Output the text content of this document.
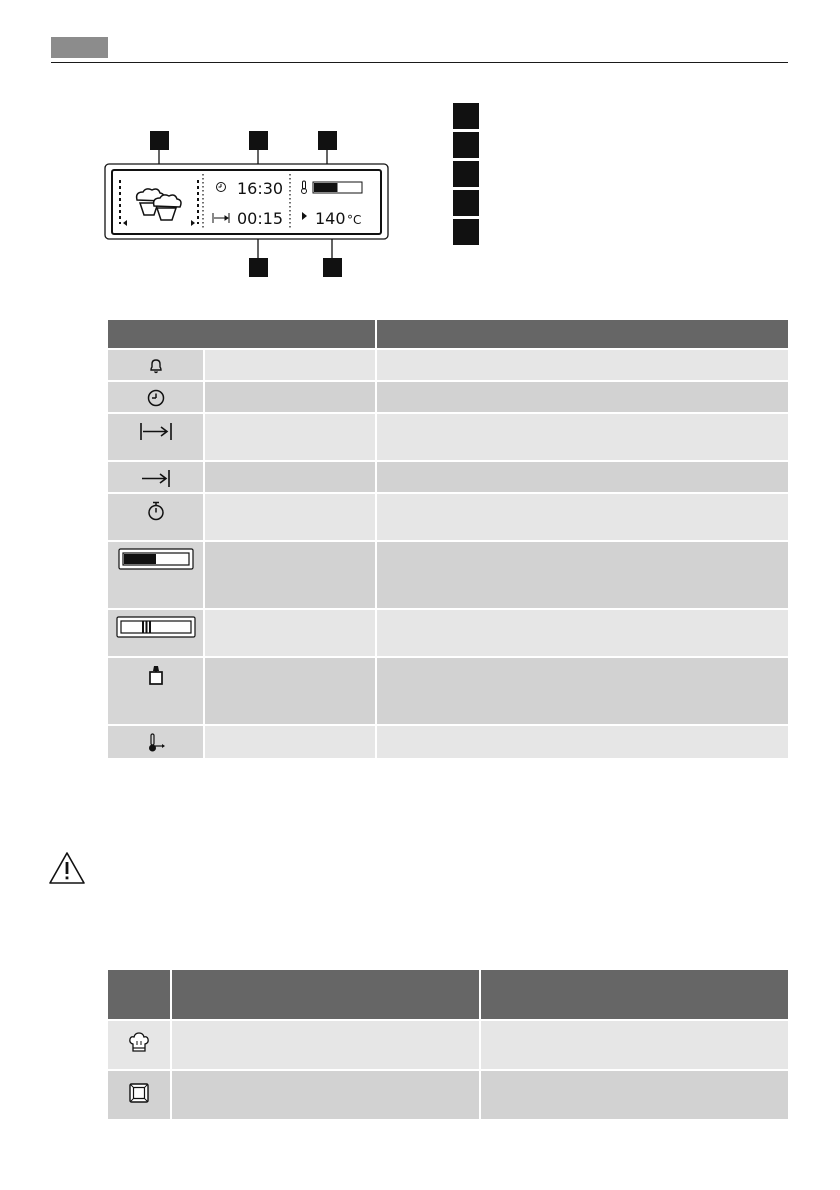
16:30
00:15 140 °C
